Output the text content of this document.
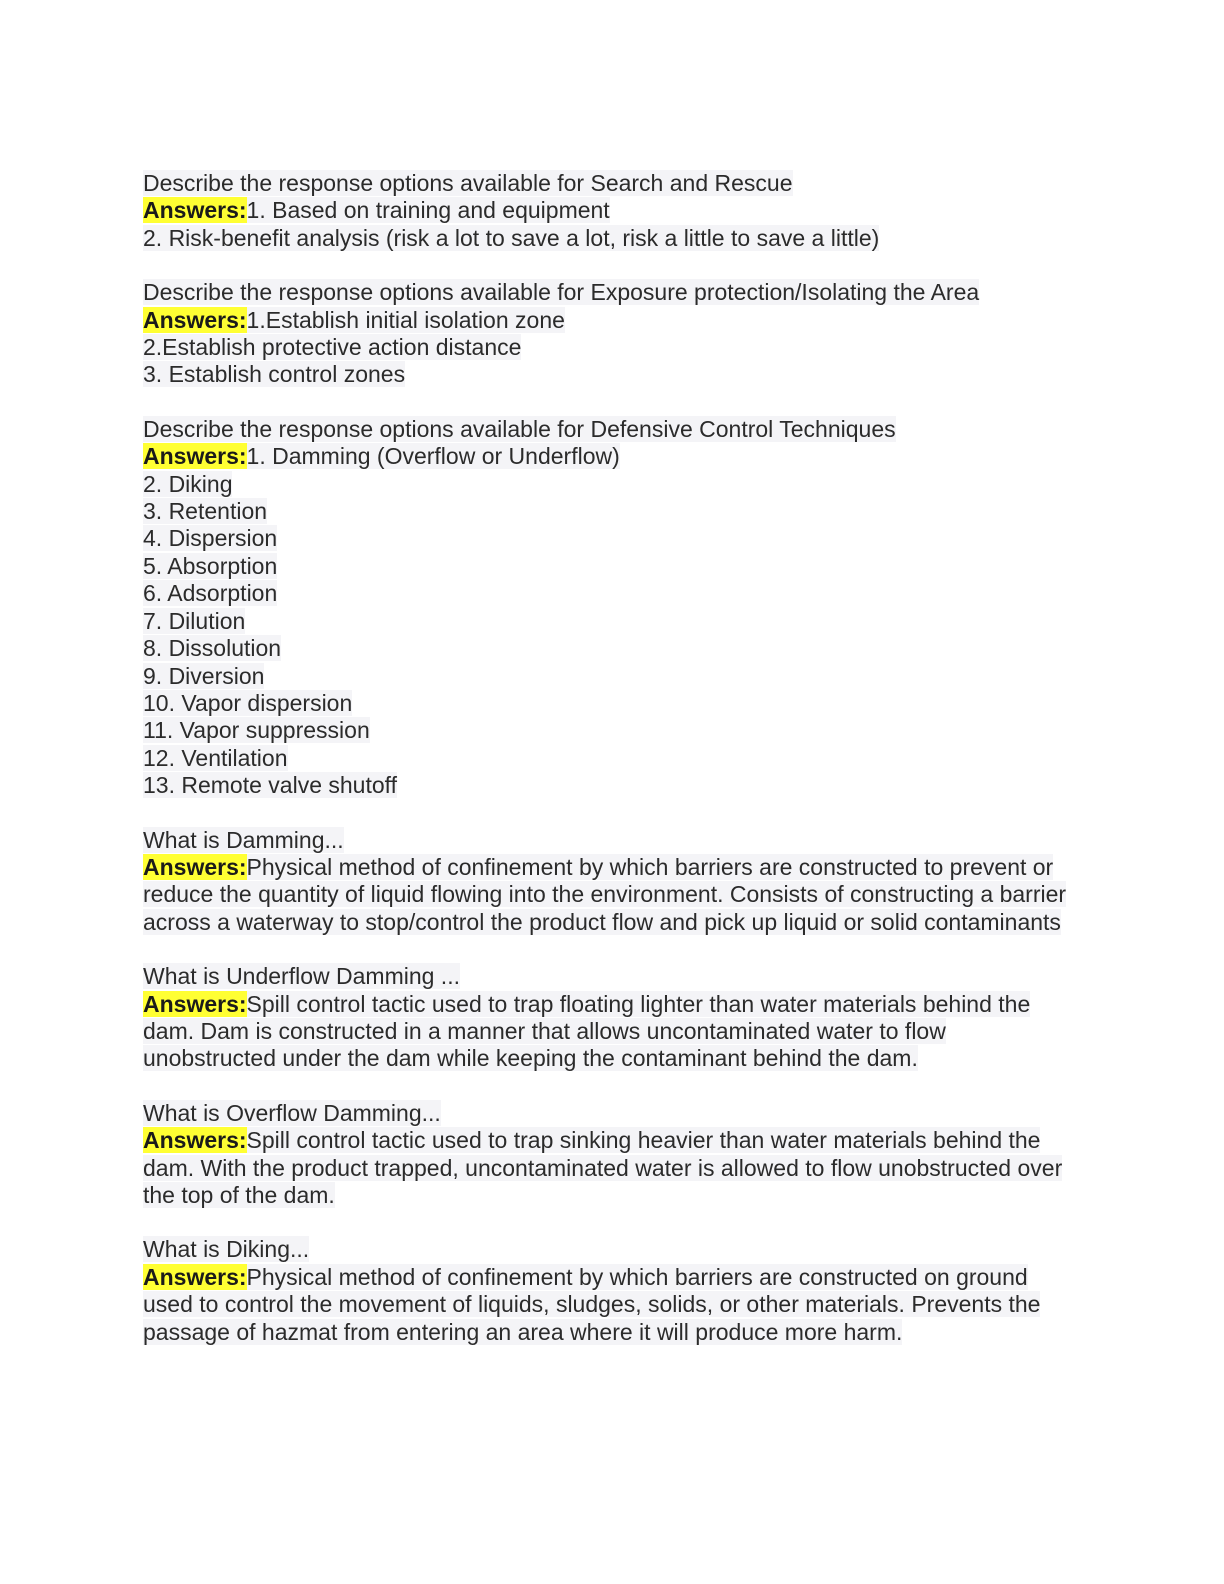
Describe the response options available for Search and Rescue
Answers:1. Based on training and equipment
2. Risk-benefit analysis (risk a lot to save a lot, risk a little to save a little)
Describe the response options available for Exposure protection/Isolating the Area
Answers:1.Establish initial isolation zone
2.Establish protective action distance
3. Establish control zones
Describe the response options available for Defensive Control Techniques
Answers:1. Damming (Overflow or Underflow)
2. Diking
3. Retention
4. Dispersion
5. Absorption
6. Adsorption
7. Dilution
8. Dissolution
9. Diversion
10. Vapor dispersion
11. Vapor suppression
12. Ventilation
13. Remote valve shutoff
What is Damming...
Answers:Physical method of confinement by which barriers are constructed to prevent or reduce the quantity of liquid flowing into the environment. Consists of constructing a barrier across a waterway to stop/control the product flow and pick up liquid or solid contaminants
What is Underflow Damming ...
Answers:Spill control tactic used to trap floating lighter than water materials behind the dam. Dam is constructed in a manner that allows uncontaminated water to flow unobstructed under the dam while keeping the contaminant behind the dam.
What is Overflow Damming...
Answers:Spill control tactic used to trap sinking heavier than water materials behind the dam. With the product trapped, uncontaminated water is allowed to flow unobstructed over the top of the dam.
What is Diking...
Answers:Physical method of confinement by which barriers are constructed on ground used to control the movement of liquids, sludges, solids, or other materials. Prevents the passage of hazmat from entering an area where it will produce more harm.
